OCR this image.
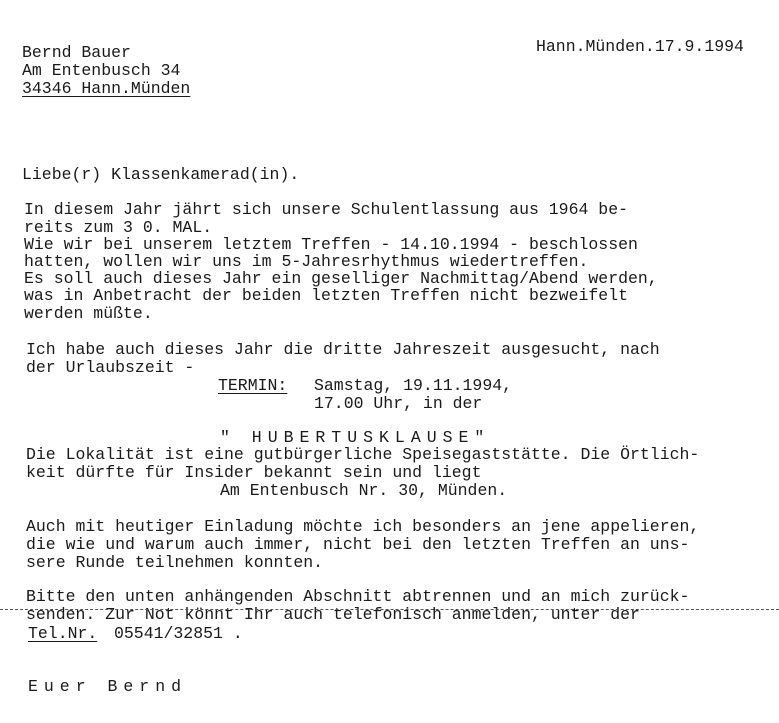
Bernd Bauer
Am Entenbusch 34
34346 Hann.Münden
Hann.Münden.17.9.1994
Liebe(r) Klassenkamerad(in).
In diesem Jahr jährt sich unsere Schulentlassung aus 1964 be-
reits zum 3 0. MAL.
Wie wir bei unserem letztem Treffen - 14.10.1994 - beschlossen
hatten, wollen wir uns im 5-Jahresrhythmus wiedertreffen.
Es soll auch dieses Jahr ein geselliger Nachmittag/Abend werden,
was in Anbetracht der beiden letzten Treffen nicht bezweifelt
werden müßte.
Ich habe auch dieses Jahr die dritte Jahreszeit ausgesucht, nach
der Urlaubszeit -
TERMIN: Samstag, 19.11.1994,
17.00 Uhr, in der
" HUBERTUSKLAUSE"
Die Lokalität ist eine gutbürgerliche Speisegaststätte. Die Örtlich-
keit dürfte für Insider bekannt sein und liegt
Am Entenbusch Nr. 30, Münden.
Auch mit heutiger Einladung möchte ich besonders an jene appelieren,
die wie und warum auch immer, nicht bei den letzten Treffen an uns-
sere Runde teilnehmen konnten.
Bitte den unten anhängenden Abschnitt abtrennen und an mich zurück-
senden. Zur Not könnt Ihr auch telefonisch anmelden, unter der
Tel.Nr. 05541/32851 .
Euer Bernd
